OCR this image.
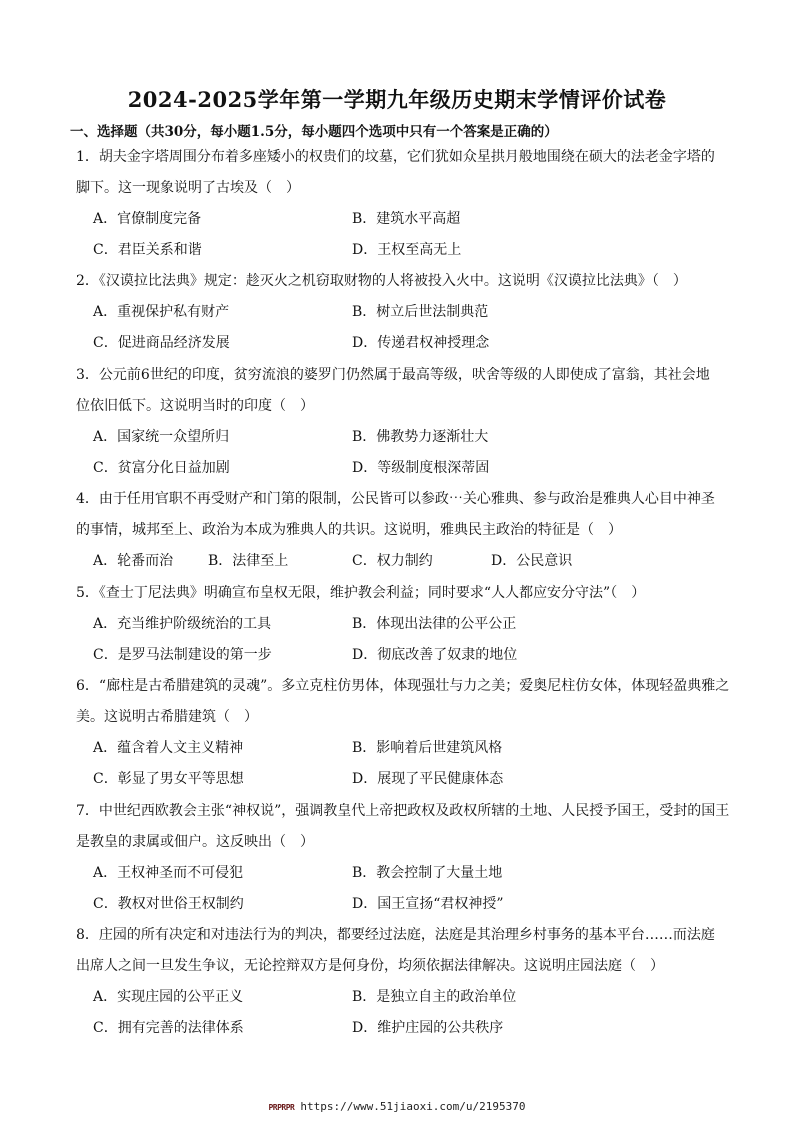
2024-2025学年第一学期九年级历史期末学情评价试卷
一、选择题（共30分，每小题1.5分，每小题四个选项中只有一个答案是正确的）
1．胡夫金字塔周围分布着多座矮小的权贵们的坟墓，它们犹如众星拱月般地围绕在硕大的法老金字塔的
脚下。这一现象说明了古埃及（　）
A．官僚制度完备	B．建筑水平高超
C．君臣关系和谐	D．王权至高无上
2．《汉谟拉比法典》规定：趁灭火之机窃取财物的人将被投入火中。这说明《汉谟拉比法典》（　）
A．重视保护私有财产	B．树立后世法制典范
C．促进商品经济发展	D．传递君权神授理念
3．公元前6世纪的印度，贫穷流浪的婆罗门仍然属于最高等级，吠舍等级的人即使成了富翁，其社会地
位依旧低下。这说明当时的印度（　）
A．国家统一众望所归	B．佛教势力逐渐壮大
C．贫富分化日益加剧	D．等级制度根深蒂固
4．由于任用官职不再受财产和门第的限制，公民皆可以参政⋯关心雅典、参与政治是雅典人心目中神圣
的事情，城邦至上、政治为本成为雅典人的共识。这说明，雅典民主政治的特征是（　）
A．轮番而治 B．法律至上	C．权力制约	D．公民意识
5．《查士丁尼法典》明确宣布皇权无限，维护教会利益；同时要求“人人都应安分守法”（　）
A．充当维护阶级统治的工具	B．体现出法律的公平公正
C．是罗马法制建设的第一步	D．彻底改善了奴隶的地位
6．“廊柱是古希腊建筑的灵魂”。多立克柱仿男体，体现强壮与力之美；爱奥尼柱仿女体，体现轻盈典雅之
美。这说明古希腊建筑（　）
A．蕴含着人文主义精神	B．影响着后世建筑风格
C．彰显了男女平等思想	D．展现了平民健康体态
7．中世纪西欧教会主张“神权说”，强调教皇代上帝把政权及政权所辖的土地、人民授予国王，受封的国王
是教皇的隶属或佃户。这反映出（　）
A．王权神圣而不可侵犯	B．教会控制了大量土地
C．教权对世俗王权制约	D．国王宣扬“君权神授”
8．庄园的所有决定和对违法行为的判决，都要经过法庭，法庭是其治理乡村事务的基本平台……而法庭
出席人之间一旦发生争议，无论控辩双方是何身份，均须依据法律解决。这说明庄园法庭（　）
A．实现庄园的公平正义	B．是独立自主的政治单位
C．拥有完善的法律体系	D．维护庄园的公共秩序
PRPRPR https://www.51jiaoxi.com/u/2195370
